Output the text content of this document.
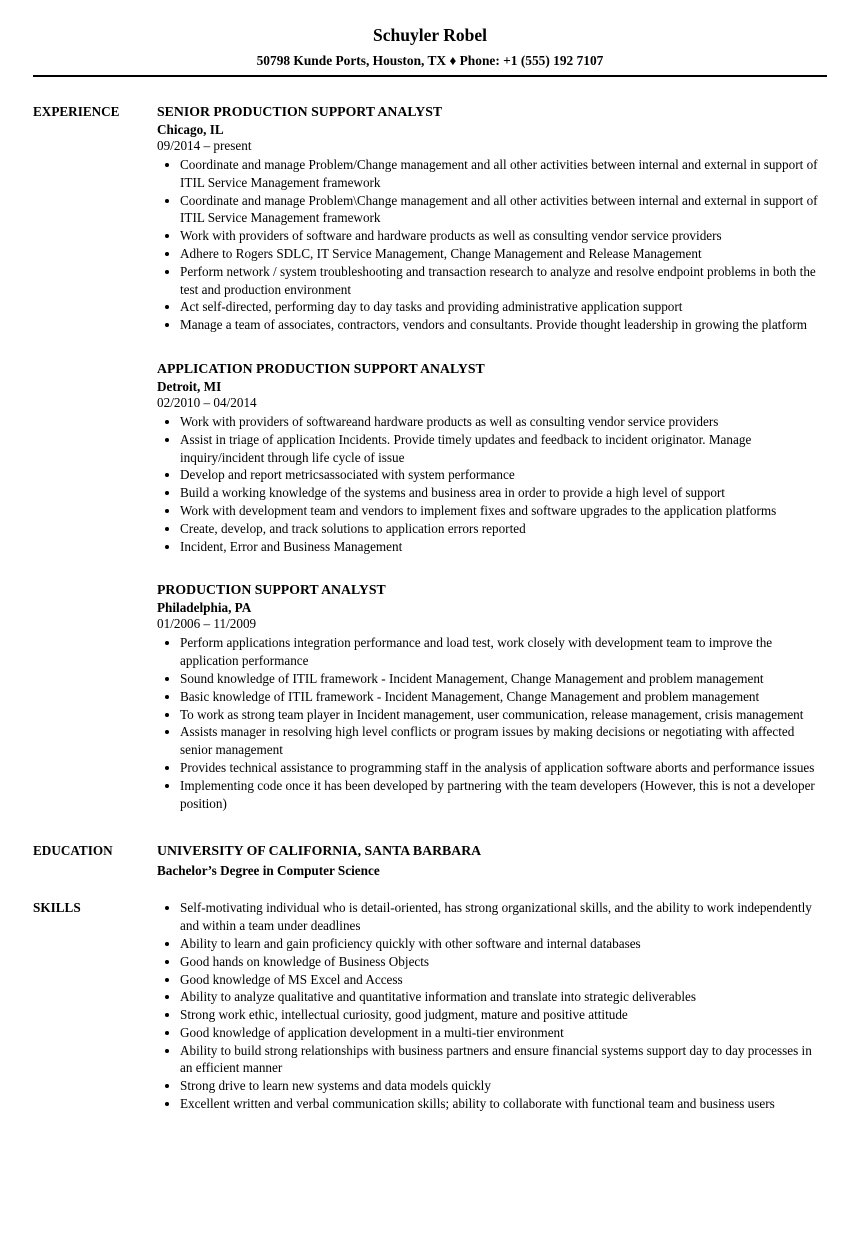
Schuyler Robel
50798 Kunde Ports, Houston, TX ♦ Phone: +1 (555) 192 7107
EXPERIENCE	SENIOR PRODUCTION SUPPORT ANALYST
Chicago, IL
09/2014 – present
• Coordinate and manage Problem/Change management and all other activities between internal and external in support of ITIL Service Management framework
• Coordinate and manage Problem\Change management and all other activities between internal and external in support of ITIL Service Management framework
• Work with providers of software and hardware products as well as consulting vendor service providers
• Adhere to Rogers SDLC, IT Service Management, Change Management and Release Management
• Perform network / system troubleshooting and transaction research to analyze and resolve endpoint problems in both the test and production environment
• Act self-directed, performing day to day tasks and providing administrative application support
• Manage a team of associates, contractors, vendors and consultants. Provide thought leadership in growing the platform
APPLICATION PRODUCTION SUPPORT ANALYST
Detroit, MI
02/2010 – 04/2014
• Work with providers of softwareand hardware products as well as consulting vendor service providers
• Assist in triage of application Incidents. Provide timely updates and feedback to incident originator. Manage inquiry/incident through life cycle of issue
• Develop and report metricsassociated with system performance
• Build a working knowledge of the systems and business area in order to provide a high level of support
• Work with development team and vendors to implement fixes and software upgrades to the application platforms
• Create, develop, and track solutions to application errors reported
• Incident, Error and Business Management
PRODUCTION SUPPORT ANALYST
Philadelphia, PA
01/2006 – 11/2009
• Perform applications integration performance and load test, work closely with development team to improve the application performance
• Sound knowledge of ITIL framework - Incident Management, Change Management and problem management
• Basic knowledge of ITIL framework - Incident Management, Change Management and problem management
• To work as strong team player in Incident management, user communication, release management, crisis management
• Assists manager in resolving high level conflicts or program issues by making decisions or negotiating with affected senior management
• Provides technical assistance to programming staff in the analysis of application software aborts and performance issues
• Implementing code once it has been developed by partnering with the team developers (However, this is not a developer position)
EDUCATION	UNIVERSITY OF CALIFORNIA, SANTA BARBARA
Bachelor’s Degree in Computer Science
SKILLS	• Self-motivating individual who is detail-oriented, has strong organizational skills, and the ability to work independently and within a team under deadlines
• Ability to learn and gain proficiency quickly with other software and internal databases
• Good hands on knowledge of Business Objects
• Good knowledge of MS Excel and Access
• Ability to analyze qualitative and quantitative information and translate into strategic deliverables
• Strong work ethic, intellectual curiosity, good judgment, mature and positive attitude
• Good knowledge of application development in a multi-tier environment
• Ability to build strong relationships with business partners and ensure financial systems support day to day processes in an efficient manner
• Strong drive to learn new systems and data models quickly
• Excellent written and verbal communication skills; ability to collaborate with functional team and business users
